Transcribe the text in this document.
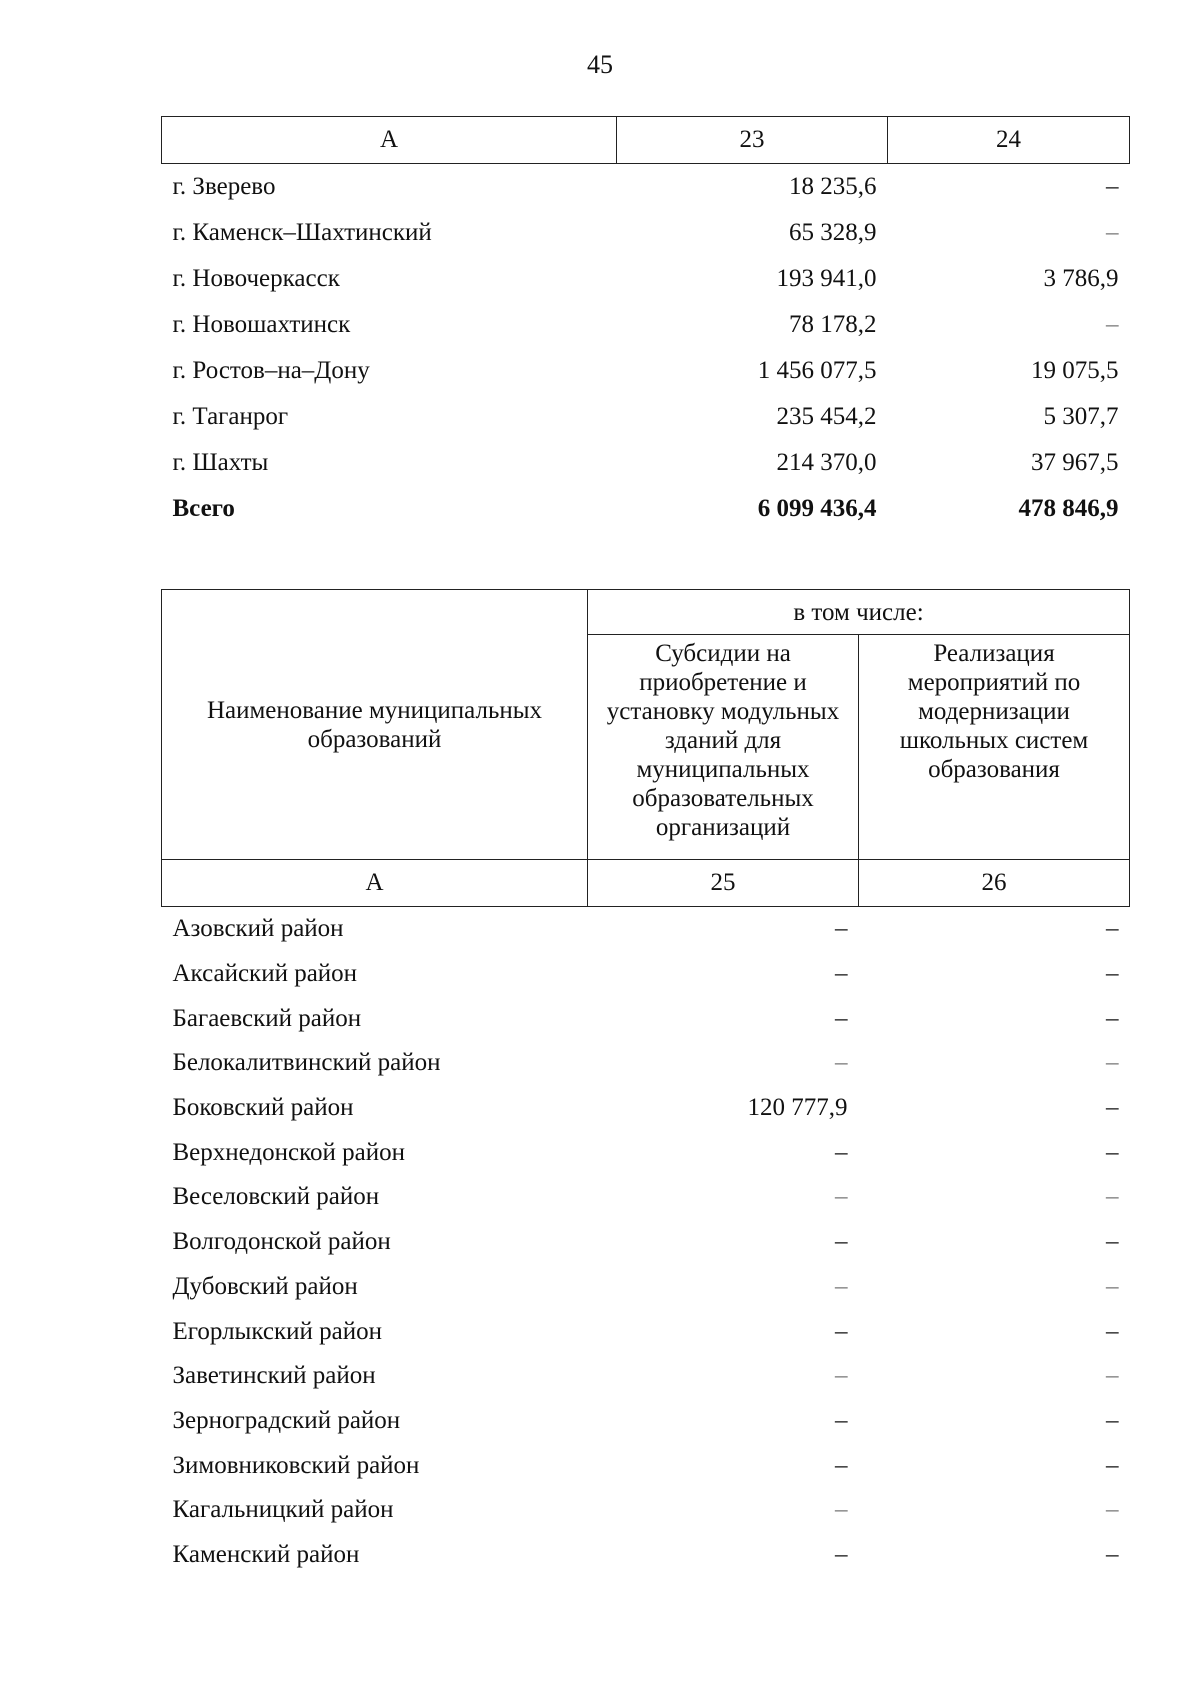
45
А	23	24
г. Зверево	18 235,6	–
г. Каменск–Шахтинский	65 328,9	–
г. Новочеркасск	193 941,0	3 786,9
г. Новошахтинск	78 178,2	–
г. Ростов–на–Дону	1 456 077,5	19 075,5
г. Таганрог	235 454,2	5 307,7
г. Шахты	214 370,0	37 967,5
Всего	6 099 436,4	478 846,9
Наименование муниципальных образований	в том числе:	
	Субсидии на приобретение и установку модульных зданий для муниципальных образовательных организаций	Реализация мероприятий по модернизации школьных систем образования
А	25	26
Азовский район	–	–
Аксайский район	–	–
Багаевский район	–	–
Белокалитвинский район	–	–
Боковский район	120 777,9	–
Верхнедонской район	–	–
Веселовский район	–	–
Волгодонской район	–	–
Дубовский район	–	–
Егорлыкский район	–	–
Заветинский район	–	–
Зерноградский район	–	–
Зимовниковский район	–	–
Кагальницкий район	–	–
Каменский район	–	–
